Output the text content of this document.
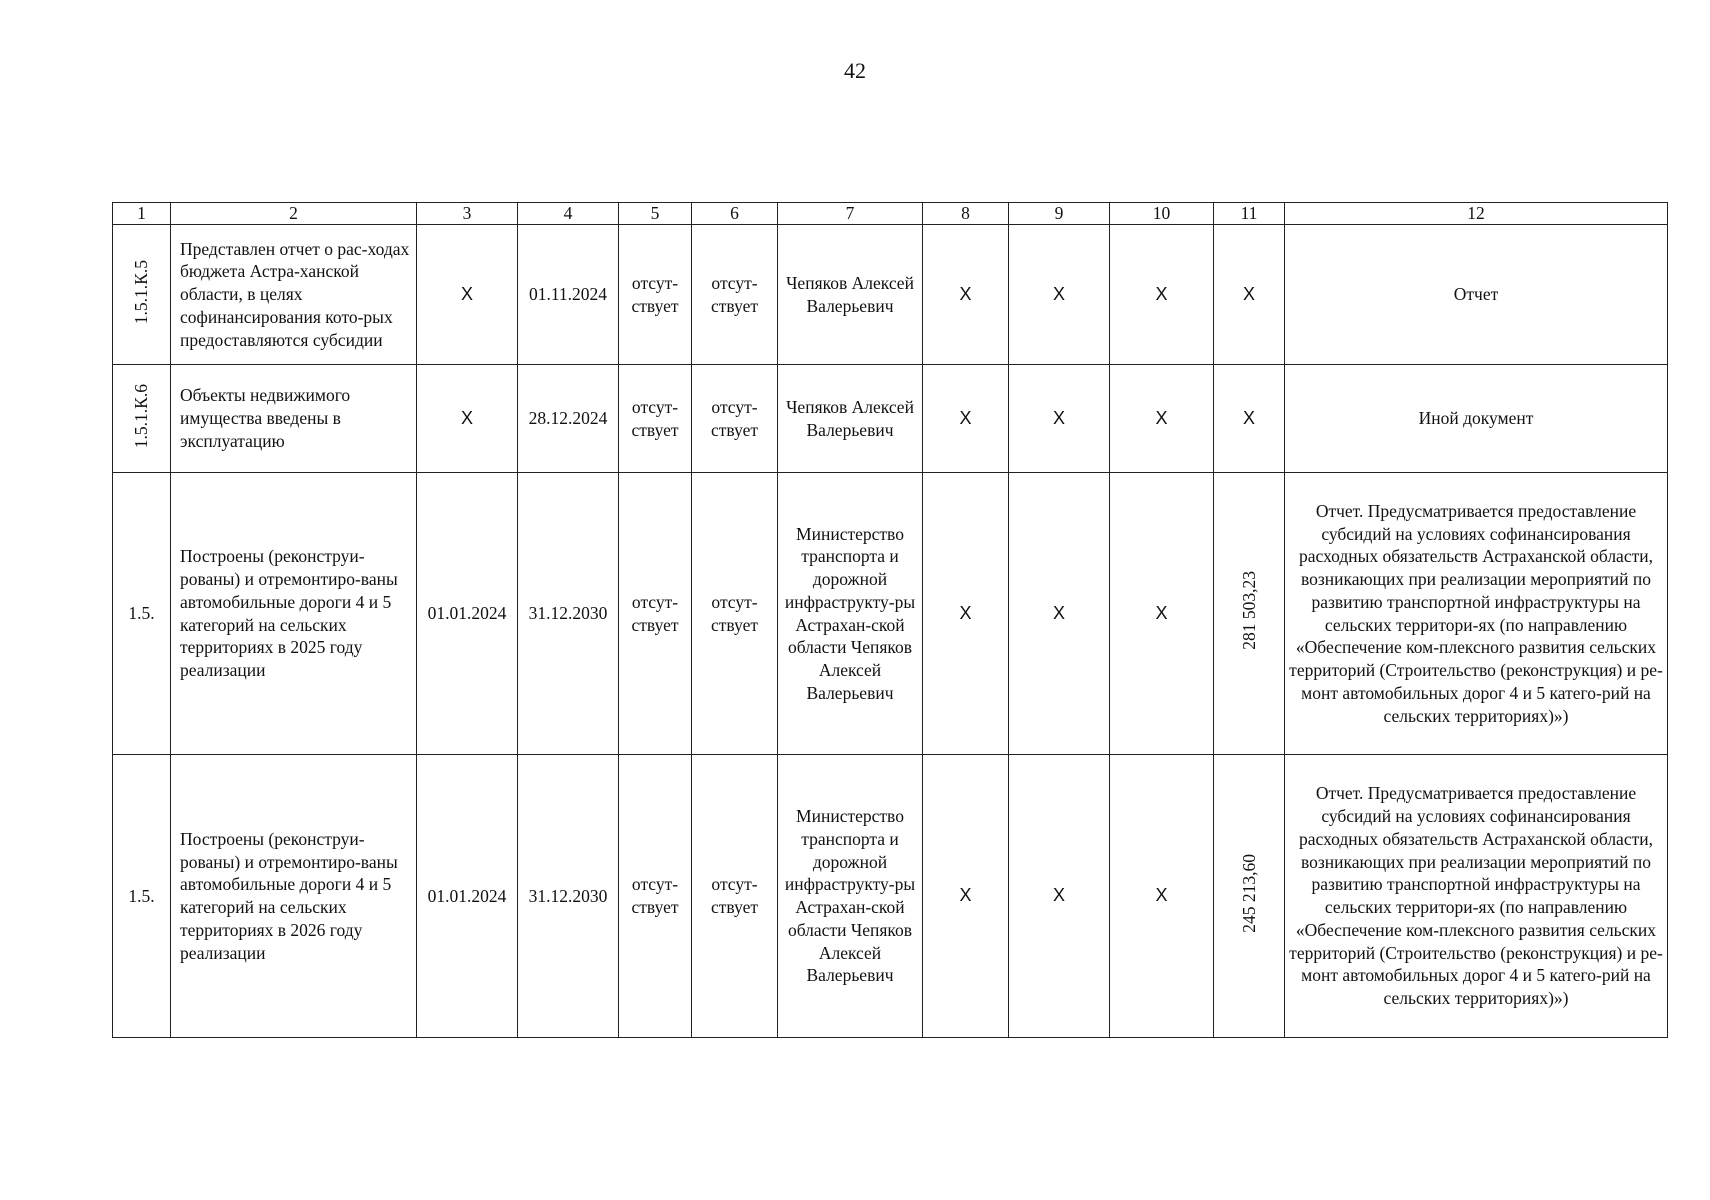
42
1	2	3	4	5	6	7	8	9	10	11	12
1.5.1.К.5	Представлен отчет о рас-ходах бюджета Астра-ханской области, в целях софинансирования кото-рых предоставляются субсидии	Х	01.11.2024	отсут-ствует	отсут-ствует	Чепяков Алексей Валерьевич	Х	Х	Х	Х	Отчет
1.5.1.К.6	Объекты недвижимого имущества введены в эксплуатацию	Х	28.12.2024	отсут-ствует	отсут-ствует	Чепяков Алексей Валерьевич	Х	Х	Х	Х	Иной документ
1.5.	Построены (реконструи-рованы) и отремонтиро-ваны автомобильные дороги 4 и 5 категорий на сельских территориях в 2025 году реализации	01.01.2024	31.12.2030	отсут-ствует	отсут-ствует	Министерство транспорта и дорожной инфраструкту-ры Астрахан-ской области Чепяков Алексей Валерьевич	Х	Х	Х	281 503,23	Отчет. Предусматривается предоставление субсидий на условиях софинансирования расходных обязательств Астраханской области, возникающих при реализации мероприятий по развитию транспортной инфраструктуры на сельских территори-ях (по направлению «Обеспечение ком-плексного развития сельских территорий (Строительство (реконструкция) и ре-монт автомобильных дорог 4 и 5 катего-рий на сельских территориях)»)
1.5.	Построены (реконструи-рованы) и отремонтиро-ваны автомобильные дороги 4 и 5 категорий на сельских территориях в 2026 году реализации	01.01.2024	31.12.2030	отсут-ствует	отсут-ствует	Министерство транспорта и дорожной инфраструкту-ры Астрахан-ской области Чепяков Алексей Валерьевич	Х	Х	Х	245 213,60	Отчет. Предусматривается предоставление субсидий на условиях софинансирования расходных обязательств Астраханской области, возникающих при реализации мероприятий по развитию транспортной инфраструктуры на сельских территори-ях (по направлению «Обеспечение ком-плексного развития сельских территорий (Строительство (реконструкция) и ре-монт автомобильных дорог 4 и 5 катего-рий на сельских территориях)»)
